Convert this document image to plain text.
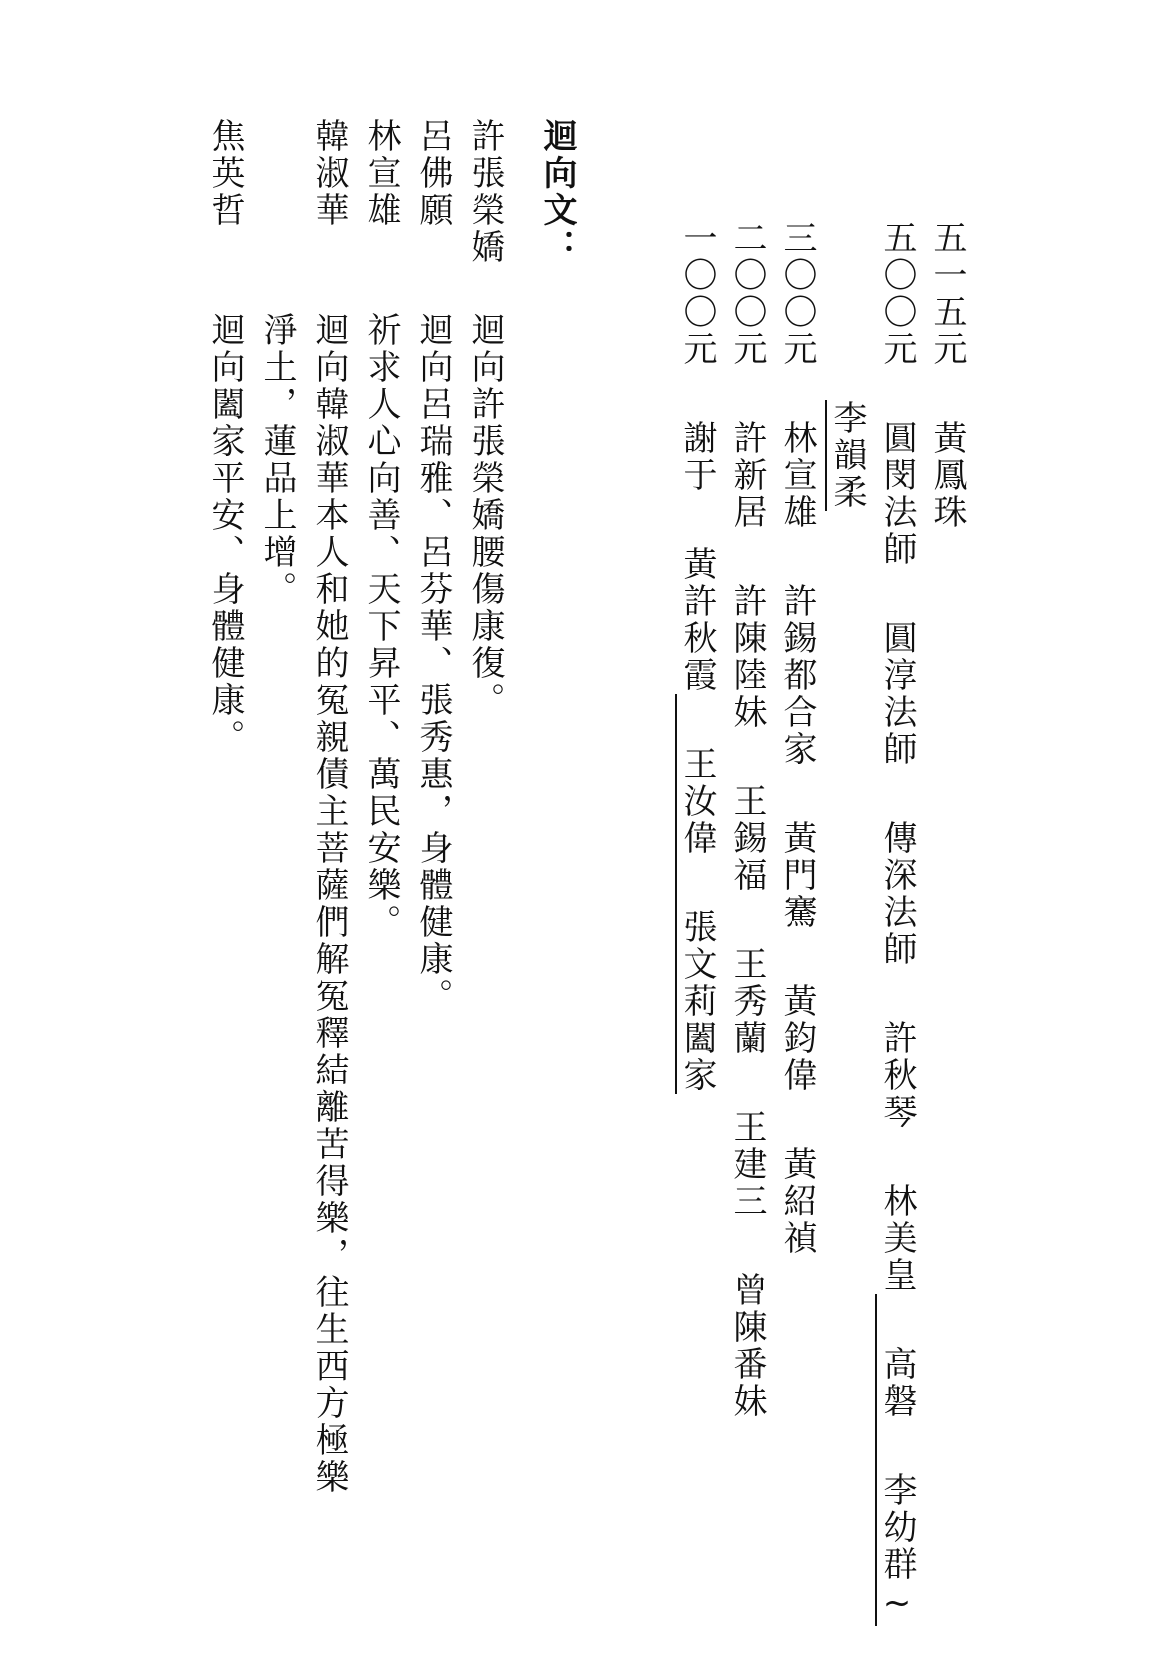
五一五元黃鳳珠
五〇〇元圓閔法師圓淳法師傳深法師許秋琴林美皇高磐李幼群~
李韻柔
三〇〇元林宣雄許錫都合家黃門騫黃鈞偉黃紹禎
二〇〇元許新居許陳陸妹王錫福王秀蘭王建三曾陳番妹
一〇〇元謝于黃許秋霞王汝偉張文莉闔家
迴向文：
許張榮嬌
呂佛願
林宣雄
韓淑華
焦英哲
迴向許張榮嬌腰傷康復。
迴向呂瑞雅、呂芬華、張秀惠，身體健康。
祈求人心向善、天下昇平、萬民安樂。
迴向韓淑華本人和她的冤親債主菩薩們解冤釋結離苦得樂，往生西方極樂
淨土，蓮品上增。
迴向闔家平安、身體健康。
